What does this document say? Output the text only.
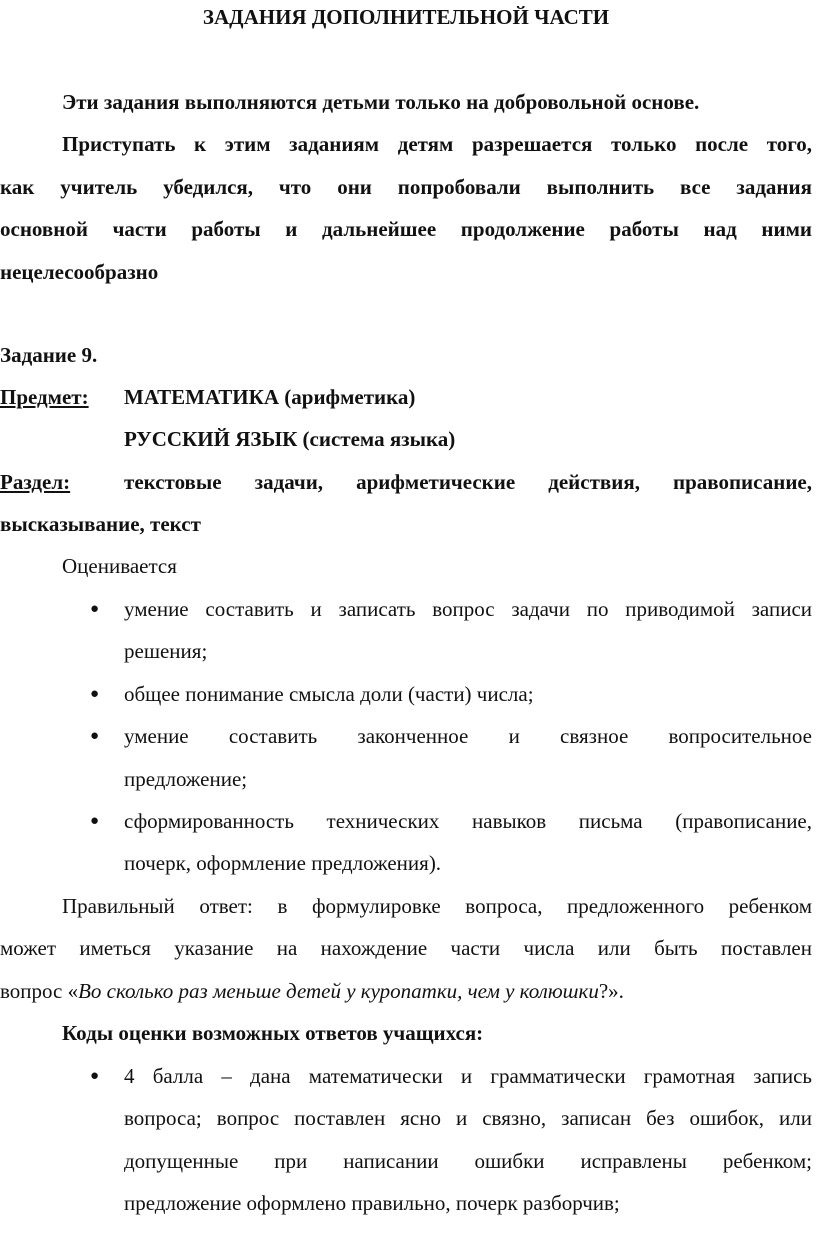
ЗАДАНИЯ ДОПОЛНИТЕЛЬНОЙ ЧАСТИ
Эти задания выполняются детьми только на добровольной основе.
Приступать к этим заданиям детям разрешается только после того,
как учитель убедился, что они попробовали выполнить все задания
основной части работы и дальнейшее продолжение работы над ними
нецелесообразно
Задание 9.
Предмет: МАТЕМАТИКА (арифметика)
РУССКИЙ ЯЗЫК (система языка)
Раздел:	текстовые задачи, арифметические действия, правописание,
высказывание, текст
Оценивается
● умение составить и записать вопрос задачи по приводимой записи
решения;
● общее понимание смысла доли (части) числа;
● умение составить законченное и связное вопросительное
предложение;
● сформированность технических навыков письма (правописание,
почерк, оформление предложения).
Правильный ответ: в формулировке вопроса, предложенного ребенком
может иметься указание на нахождение части числа или быть поставлен
вопрос «Во сколько раз меньше детей у куропатки, чем у колюшки?».
Коды оценки возможных ответов учащихся:
● 4 балла – дана математически и грамматически грамотная запись
вопроса; вопрос поставлен ясно и связно, записан без ошибок, или
допущенные при написании ошибки исправлены ребенком;
предложение оформлено правильно, почерк разборчив;
